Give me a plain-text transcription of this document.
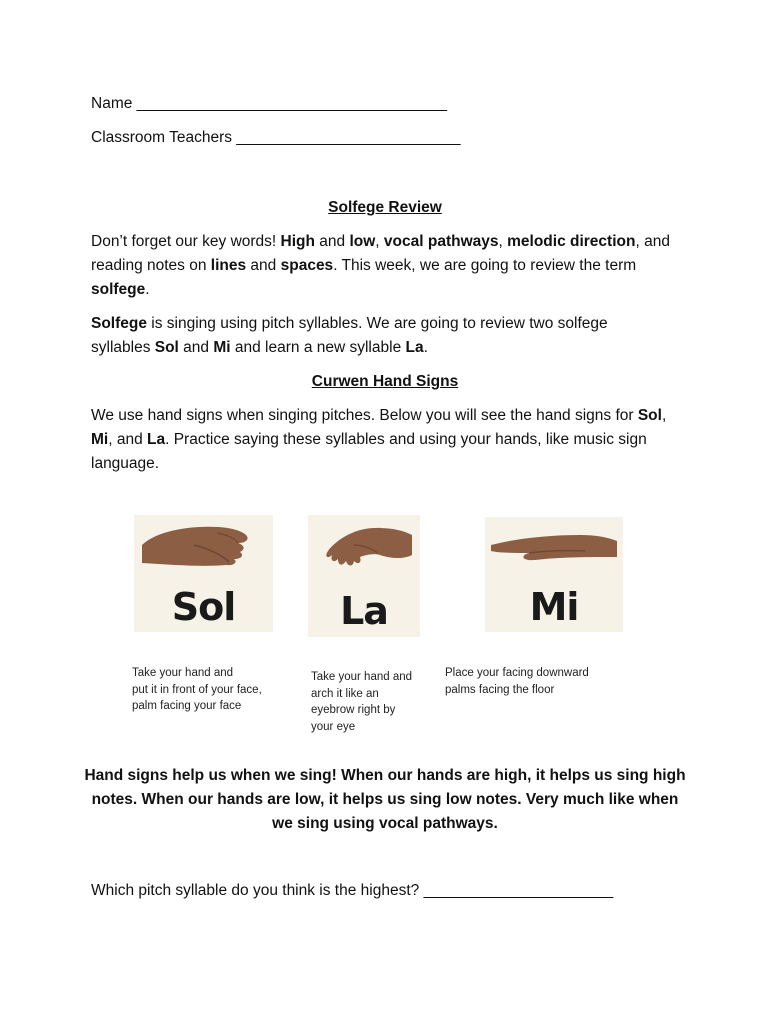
Name ____________________________________
Classroom Teachers __________________________
Solfege Review
Don’t forget our key words! High and low, vocal pathways, melodic direction, and reading notes on lines and spaces. This week, we are going to review the term solfege.
Solfege is singing using pitch syllables. We are going to review two solfege syllables Sol and Mi and learn a new syllable La.
Curwen Hand Signs
We use hand signs when singing pitches. Below you will see the hand signs for Sol, Mi, and La. Practice saying these syllables and using your hands, like music sign language.
Sol	La	Mi
Take your hand and
put it in front of your face,
palm facing your face
Take your hand and
arch it like an
eyebrow right by
your eye
Place your facing downward
palms facing the floor
Hand signs help us when we sing! When our hands are high, it helps us sing high
notes. When our hands are low, it helps us sing low notes. Very much like when
we sing using vocal pathways.
Which pitch syllable do you think is the highest? ______________________
